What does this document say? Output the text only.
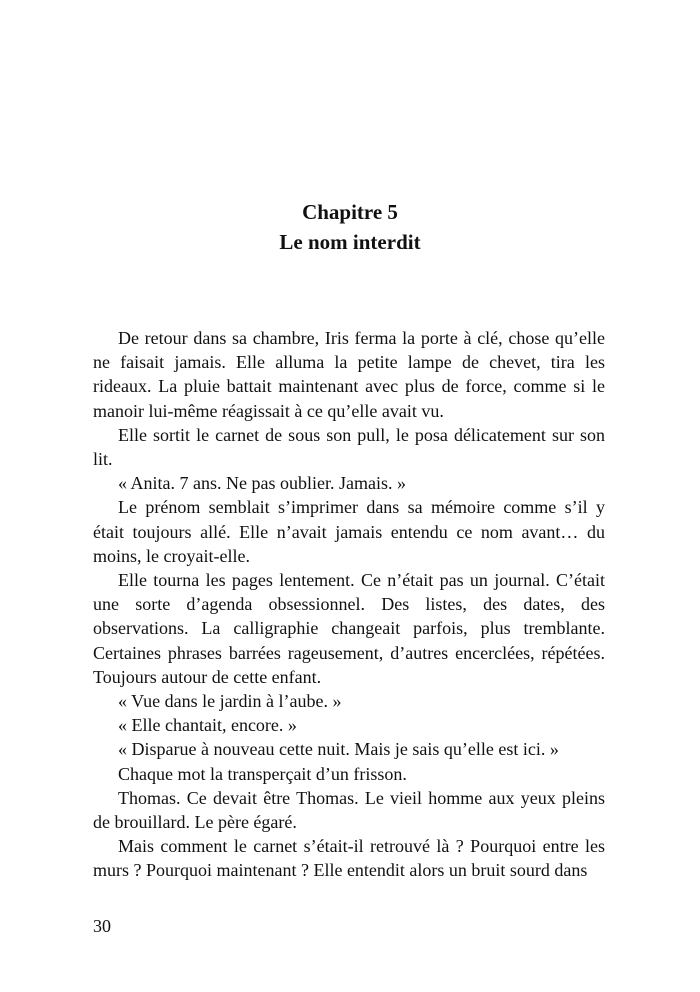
Chapitre 5
Le nom interdit

De retour dans sa chambre, Iris ferma la porte à clé, chose qu’elle ne faisait jamais. Elle alluma la petite lampe de chevet, tira les rideaux. La pluie battait maintenant avec plus de force, comme si le manoir lui-même réagissait à ce qu’elle avait vu.

Elle sortit le carnet de sous son pull, le posa délicatement sur son lit.

« Anita. 7 ans. Ne pas oublier. Jamais. »

Le prénom semblait s’imprimer dans sa mémoire comme s’il y était toujours allé. Elle n’avait jamais entendu ce nom avant… du moins, le croyait-elle.

Elle tourna les pages lentement. Ce n’était pas un journal. C’était une sorte d’agenda obsessionnel. Des listes, des dates, des observations. La calligraphie changeait parfois, plus tremblante. Certaines phrases barrées rageusement, d’autres encerclées, répétées. Toujours autour de cette enfant.

« Vue dans le jardin à l’aube. »

« Elle chantait, encore. »

« Disparue à nouveau cette nuit. Mais je sais qu’elle est ici. »

Chaque mot la transperçait d’un frisson.

Thomas. Ce devait être Thomas. Le vieil homme aux yeux pleins de brouillard. Le père égaré.

Mais comment le carnet s’était-il retrouvé là ? Pourquoi entre les murs ? Pourquoi maintenant ? Elle entendit alors un bruit sourd dans

30
